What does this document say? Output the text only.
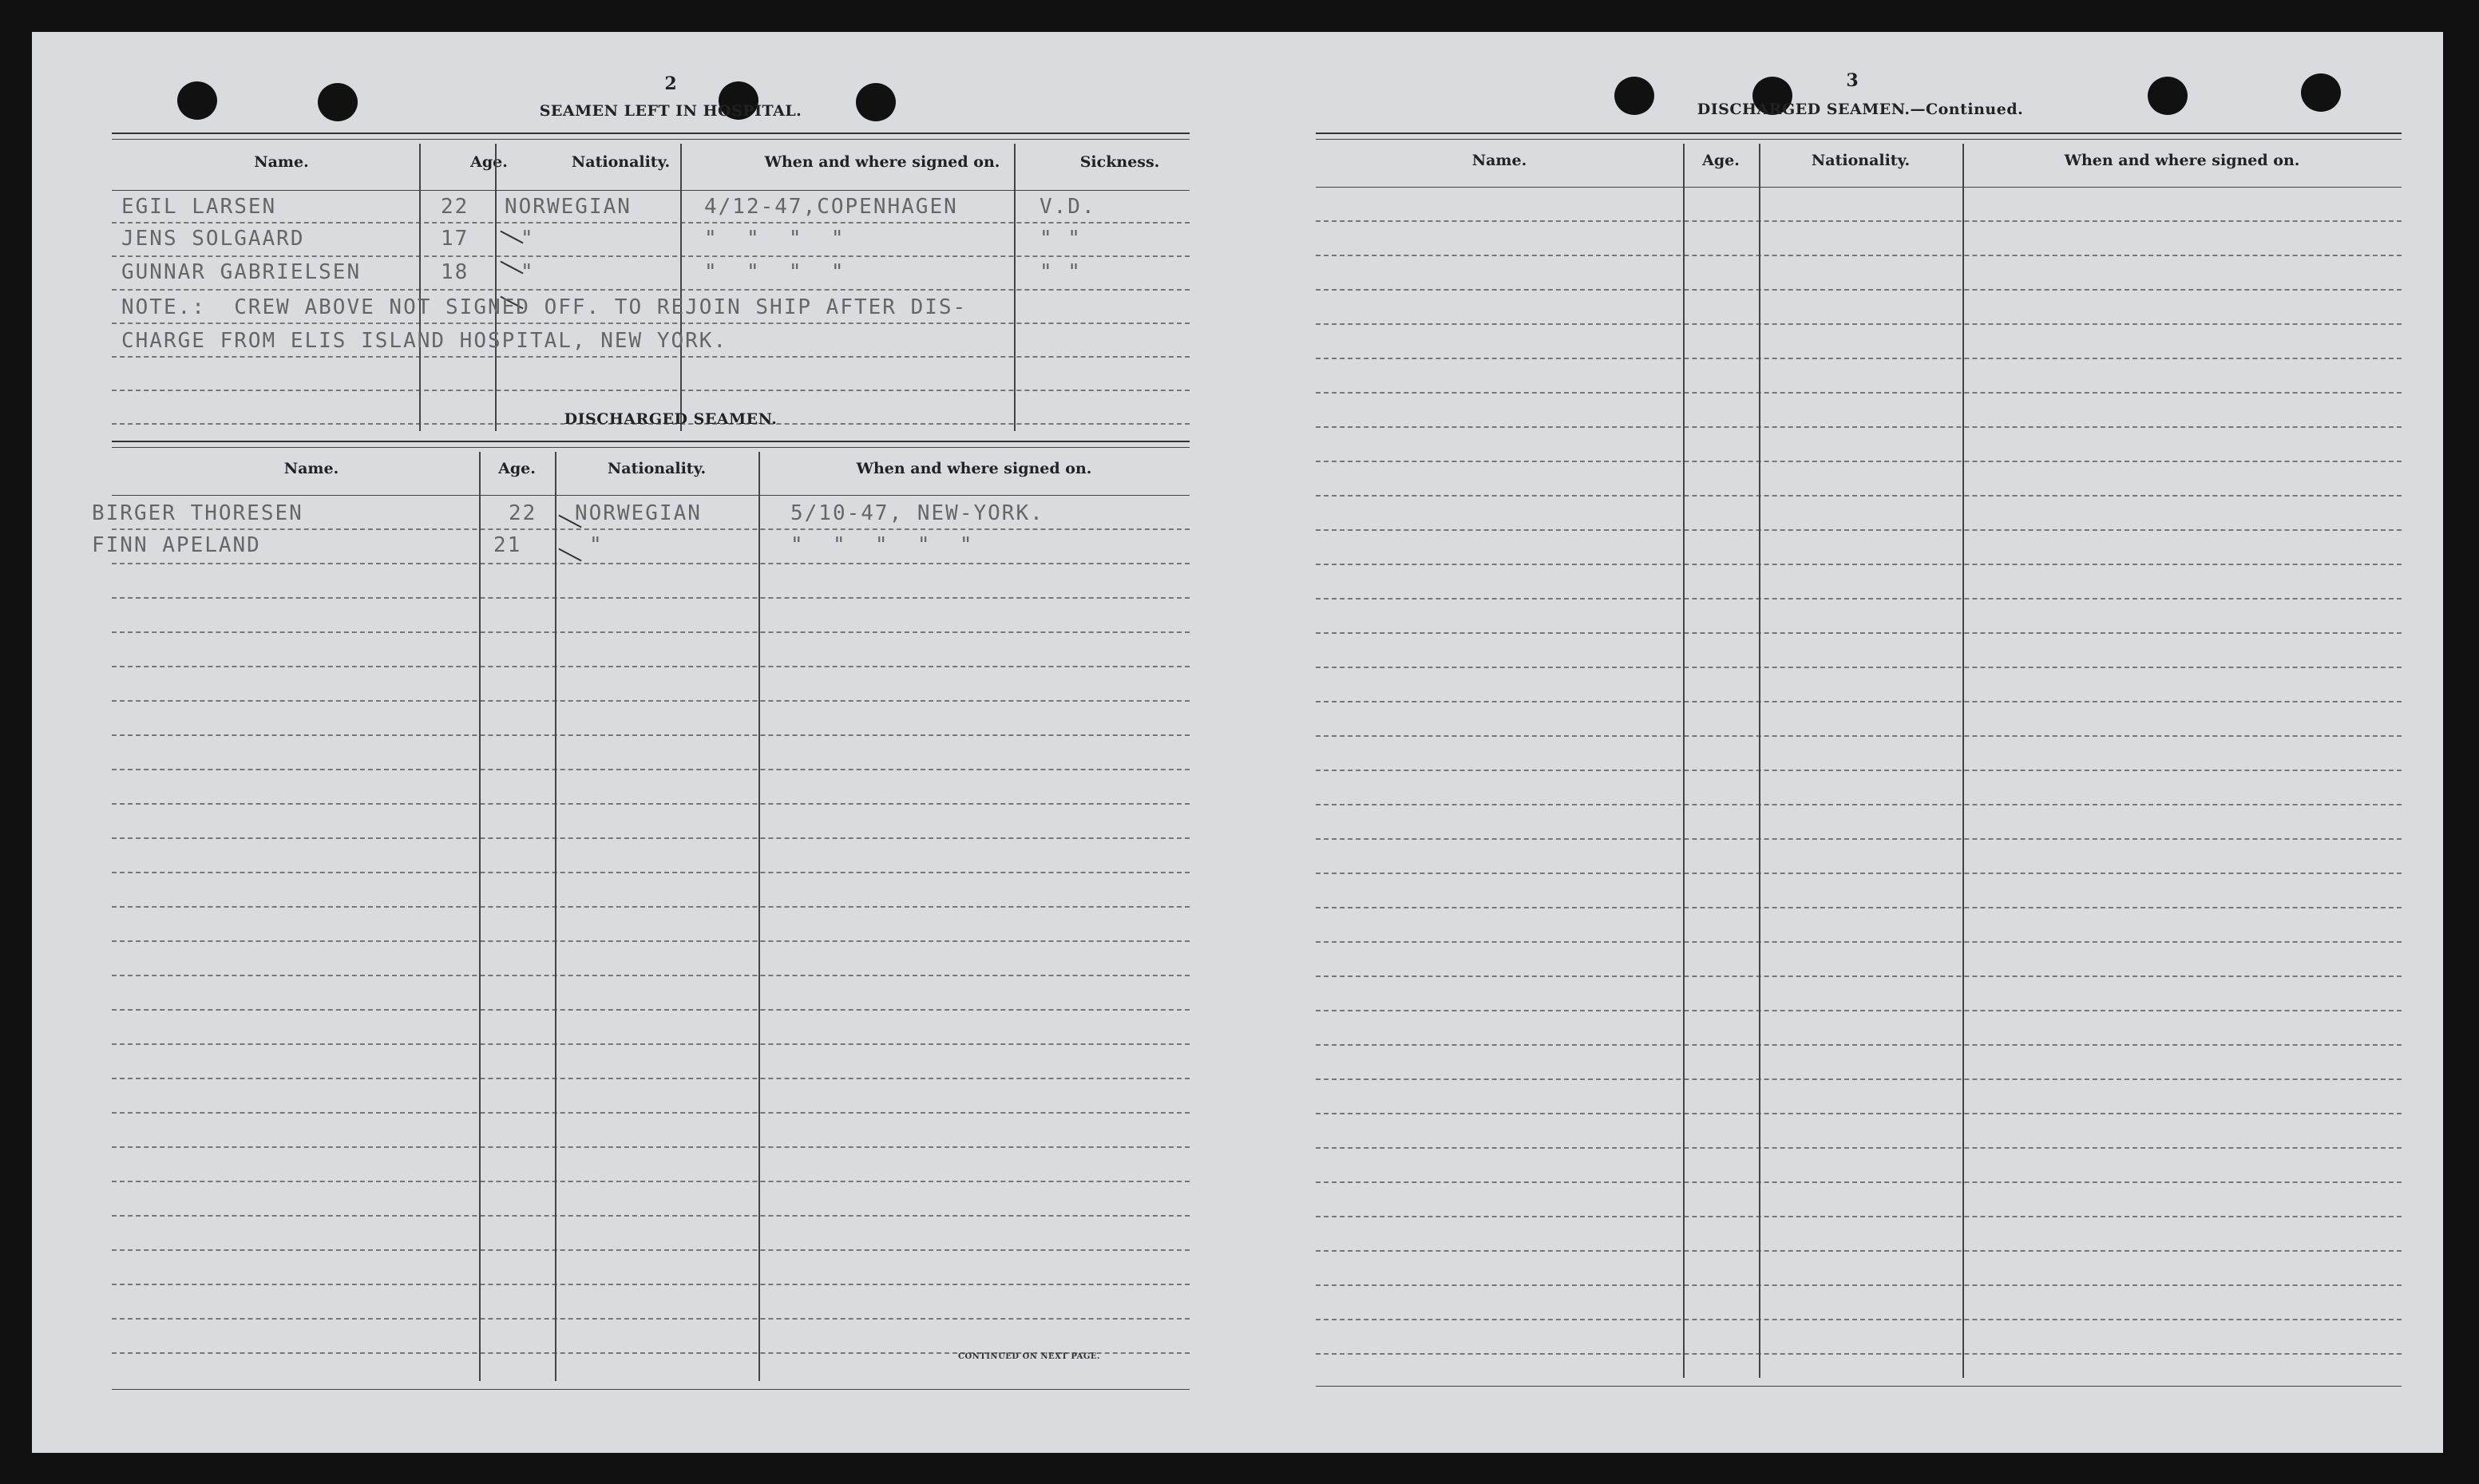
2
SEAMEN LEFT IN HOSPITAL.
Name.	Age.	Nationality.	When and where signed on.	Sickness.
EGIL LARSEN	22 NORWEGIAN	4/12-47,COPENHAGEN	V.D.
JENS SOLGAARD	17 "	"  "  "  "	" "
GUNNAR GABRIELSEN	18 "	"  "  "  "	" "
NOTE.:  CREW ABOVE NOT SIGNED OFF. TO REJOIN SHIP AFTER DIS-
CHARGE FROM ELIS ISLAND HOSPITAL, NEW YORK.
DISCHARGED SEAMEN.
Name.	Age.	Nationality.	When and where signed on.
BIRGER THORESEN	22 NORWEGIAN	5/10-47, NEW-YORK.
FINN APELAND	21	"	"  "  "  "  "
CONTINUED ON NEXT PAGE.
3
DISCHARGED SEAMEN.—Continued.
Name.	Age.	Nationality.	When and where signed on.
